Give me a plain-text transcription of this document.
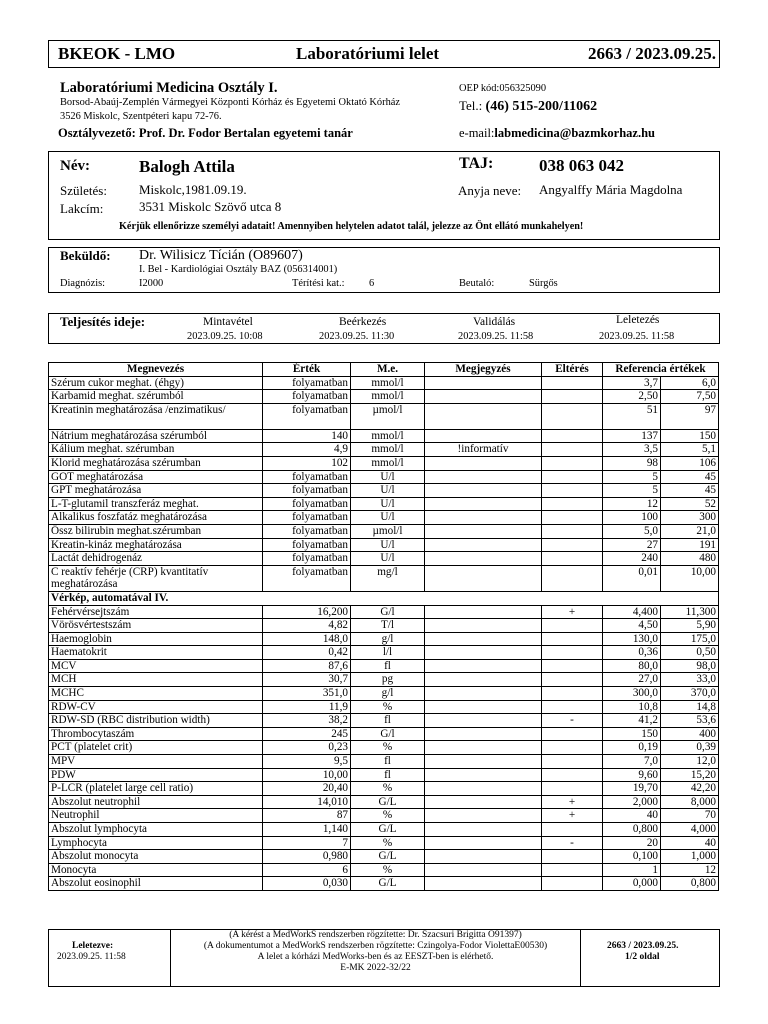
BKEOK - LMO	Laboratóriumi lelet	2663 / 2023.09.25.
Laboratóriumi Medicina Osztály I.
Borsod-Abaúj-Zemplén Vármegyei Központi Kórház és Egyetemi Oktató Kórház
3526 Miskolc, Szentpéteri kapu 72-76.
Osztályvezető: Prof. Dr. Fodor Bertalan egyetemi tanár
OEP kód:056325090
Tel.: (46) 515-200/11062
e-mail:labmedicina@bazmkorhaz.hu
Név:	Balogh Attila	TAJ:	038 063 042
Születés: Miskolc,1981.09.19.	Anyja neve: Angyalffy Mária Magdolna
Lakcím:	3531 Miskolc Szövő utca 8
Kérjük ellenőrizze személyi adatait! Amennyiben helytelen adatot talál, jelezze az Önt ellátó munkahelyen!
Beküldő: Dr. Wilisicz Tícián (O89607)
I. Bel - Kardiológiai Osztály BAZ (056314001)
Diagnózis:	I2000	Térítési kat.: 6	Beutaló:	Sürgős
Teljesítés ideje:	Mintavétel
2023.09.25. 10:08
Beérkezés
2023.09.25. 11:30
Validálás
2023.09.25. 11:58
Leletezés
2023.09.25. 11:58
Megnevezés	Érték	M.e.	Megjegyzés	Eltérés	Referencia értékek	
Szérum cukor meghat. (éhgy)	folyamatban	mmol/l			3,7	6,0
Karbamid meghat. szérumból	folyamatban	mmol/l			2,50	7,50
Kreatinin meghatározása /enzimatikus/	folyamatban	µmol/l			51	97
Nátrium meghatározása szérumból	140	mmol/l			137	150
Kálium meghat. szérumban	4,9	mmol/l	!informatív		3,5	5,1
Klorid meghatározása szérumban	102	mmol/l			98	106
GOT meghatározása	folyamatban	U/l			5	45
GPT meghatározása	folyamatban	U/l			5	45
L-T-glutamil transzferáz meghat.	folyamatban	U/l			12	52
Alkalikus foszfatáz meghatározása	folyamatban	U/l			100	300
Össz bilirubin meghat.szérumban	folyamatban	µmol/l			5,0	21,0
Kreatin-kináz meghatározása	folyamatban	U/l			27	191
Lactát dehidrogenáz	folyamatban	U/l			240	480
C reaktív fehérje (CRP) kvantitatív meghatározása	folyamatban	mg/l			0,01	10,00
Vérkép, automatával IV.						
Fehérvérsejtszám	16,200	G/l		+	4,400	11,300
Vörösvértestszám	4,82	T/l			4,50	5,90
Haemoglobin	148,0	g/l			130,0	175,0
Haematokrit	0,42	l/l			0,36	0,50
MCV	87,6	fl			80,0	98,0
MCH	30,7	pg			27,0	33,0
MCHC	351,0	g/l			300,0	370,0
RDW-CV	11,9	%			10,8	14,8
RDW-SD (RBC distribution width)	38,2	fl		-	41,2	53,6
Thrombocytaszám	245	G/l			150	400
PCT (platelet crit)	0,23	%			0,19	0,39
MPV	9,5	fl			7,0	12,0
PDW	10,00	fl			9,60	15,20
P-LCR (platelet large cell ratio)	20,40	%			19,70	42,20
Abszolut neutrophil	14,010	G/L		+	2,000	8,000
Neutrophil	87	%		+	40	70
Abszolut lymphocyta	1,140	G/L			0,800	4,000
Lymphocyta	7	%		-	20	40
Abszolut monocyta	0,980	G/L			0,100	1,000
Monocyta	6	%			1	12
Abszolut eosinophil	0,030	G/L			0,000	0,800
Leletezve:
2023.09.25. 11:58
(A kérést a MedWorkS rendszerben rögzítette: Dr. Szacsuri Brigitta O91397)
(A dokumentumot a MedWorkS rendszerben rögzítette: Czingolya-Fodor ViolettaE00530)
A lelet a kórházi MedWorks-ben és az EESZT-ben is elérhető.
E-MK 2022-32/22
2663 / 2023.09.25.
1/2 oldal
